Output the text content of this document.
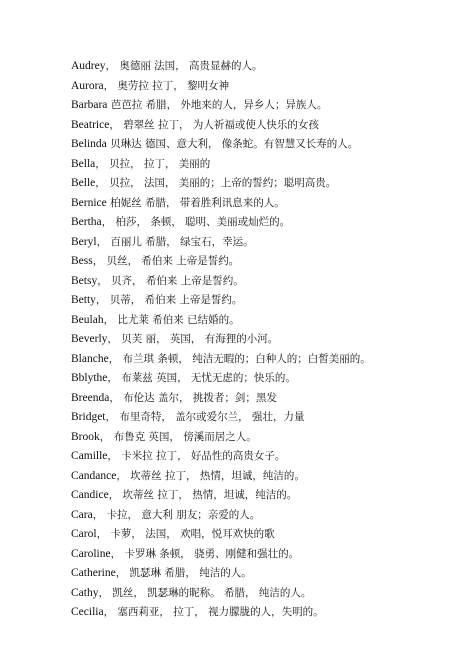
Audrey， 奥德丽 法国， 高贵显赫的人。
Aurora， 奥劳拉 拉丁， 黎明女神
Barbara 芭芭拉 希腊， 外地来的人，异乡人；异族人。
Beatrice， 碧翠丝 拉丁， 为人祈福或使人快乐的女孩
Belinda 贝琳达 德国、意大利， 像条蛇。有智慧又长寿的人。
Bella， 贝拉， 拉丁， 美丽的
Belle， 贝拉， 法国， 美丽的；上帝的誓约；聪明高贵。
Bernice 柏妮丝 希腊， 带着胜利讯息来的人。
Bertha， 柏莎， 条顿， 聪明、美丽或灿烂的。
Beryl， 百丽儿 希腊， 绿宝石，幸运。
Bess， 贝丝， 希伯来 上帝是誓约。
Betsy， 贝齐， 希伯来 上帝是誓约。
Betty， 贝蒂， 希伯来 上帝是誓约。
Beulah， 比尤莱 希伯来 已结婚的。
Beverly， 贝芙 丽， 英国， 有海狸的小河。
Blanche， 布兰琪 条顿， 纯洁无暇的；白种人的；白皙美丽的。
Bblythe， 布莱兹 英国， 无忧无虑的；快乐的。
Breenda， 布伦达 盖尔， 挑拨者；剑；黑发
Bridget， 布里奇特， 盖尔或爱尔兰， 强壮，力量
Brook， 布鲁克 英国， 傍溪而居之人。
Camille， 卡米拉 拉丁， 好品性的高贵女子。
Candance， 坎蒂丝 拉丁， 热情，坦诚，纯洁的。
Candice， 坎蒂丝 拉丁， 热情，坦诚，纯洁的。
Cara， 卡拉， 意大利 朋友；亲爱的人。
Carol， 卡萝， 法国， 欢唱，悦耳欢快的歌
Caroline， 卡罗琳 条顿， 骁勇、刚健和强壮的。
Catherine， 凯瑟琳 希腊， 纯洁的人。
Cathy， 凯丝， 凯瑟琳的昵称。 希腊， 纯洁的人。
Cecilia， 塞西莉亚， 拉丁， 视力朦胧的人，失明的。
